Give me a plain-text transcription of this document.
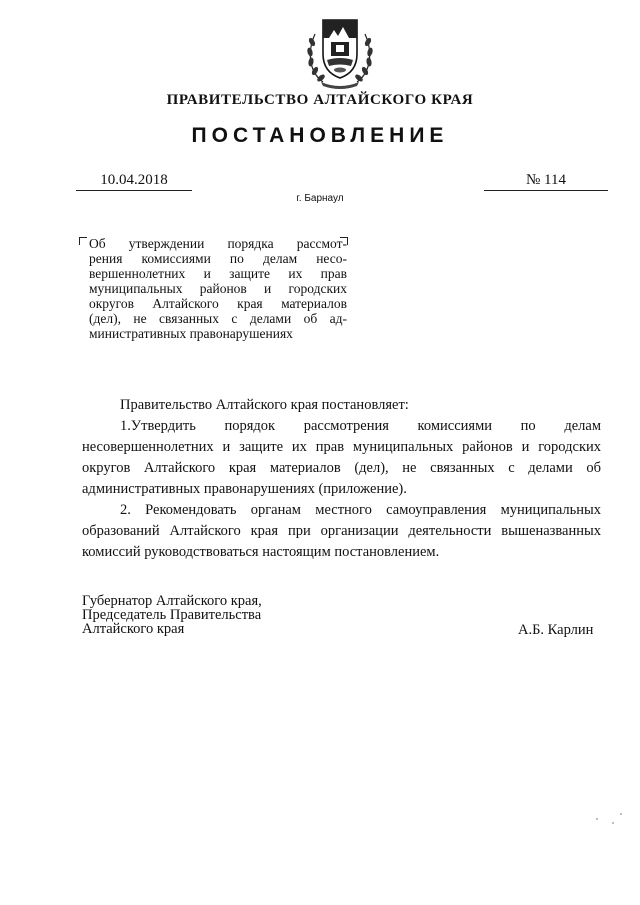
ПРАВИТЕЛЬСТВО АЛТАЙСКОГО КРАЯ
ПОСТАНОВЛЕНИЕ
10.04.2018	№ 114
г. Барнаул
Об утверждении порядка рассмот-
рения комиссиями по делам несо-
вершеннолетних и защите их прав
муниципальных районов и городских
округов Алтайского края материалов
(дел), не связанных с делами об ад-
министративных правонарушениях

Правительство Алтайского края постановляет:

1.Утвердить порядок рассмотрения комиссиями по делам несовершеннолетних и защите их прав муниципальных районов и городских округов Алтайского края материалов (дел), не связанных с делами об административных правонарушениях (приложение).

2. Рекомендовать органам местного самоуправления муниципальных образований Алтайского края при организации деятельности вышеназванных комиссий руководствоваться настоящим постановлением.

Губернатор Алтайского края,
Председатель Правительства
Алтайского края	А.Б. Карлин
